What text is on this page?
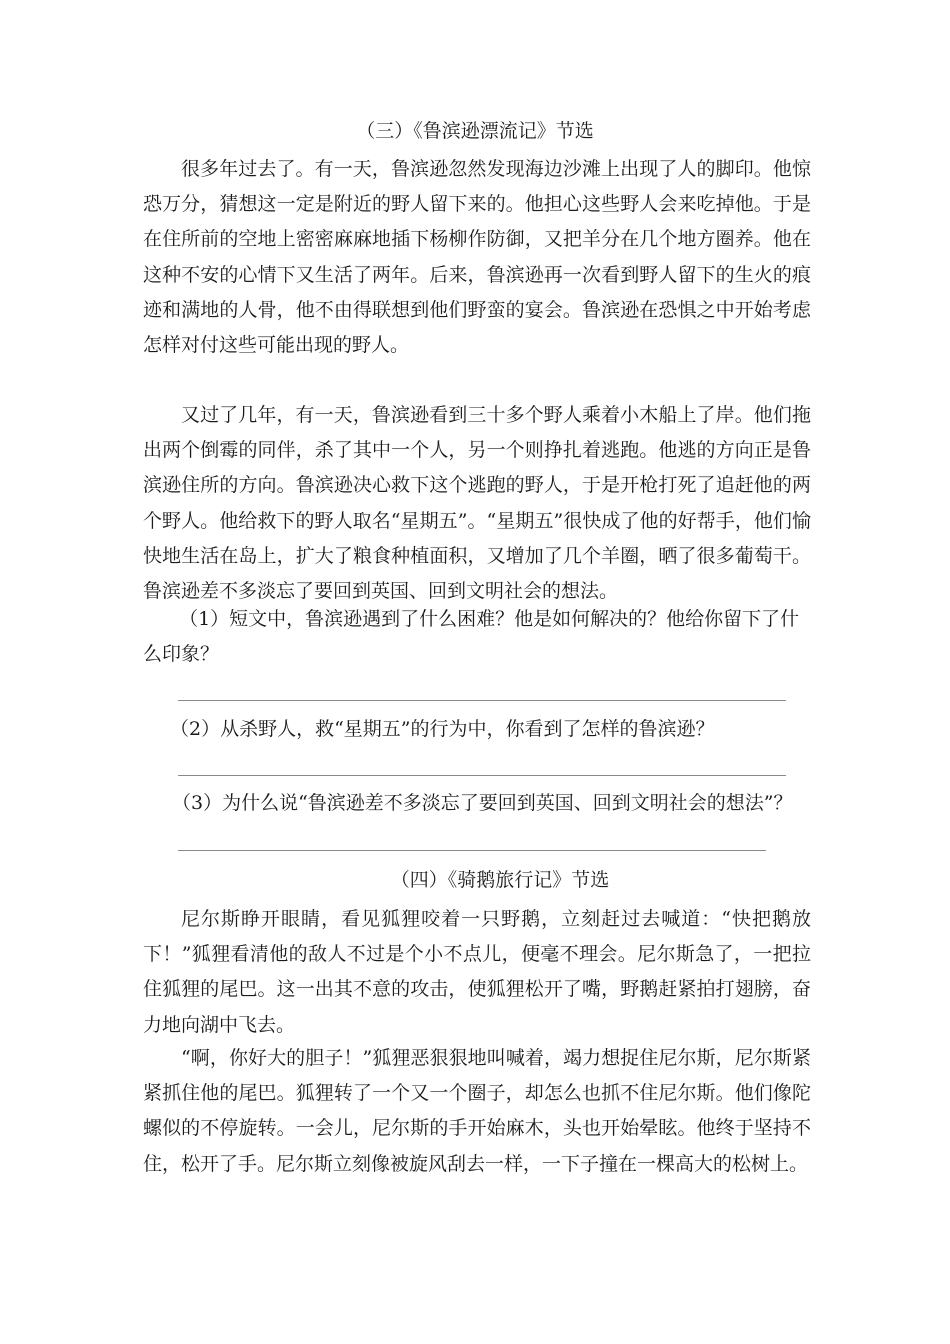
（三）《鲁滨逊漂流记》节选

很多年过去了。有一天，鲁滨逊忽然发现海边沙滩上出现了人的脚印。他惊恐万分，猜想这一定是附近的野人留下来的。他担心这些野人会来吃掉他。于是在住所前的空地上密密麻麻地插下杨柳作防御，又把羊分在几个地方圈养。他在这种不安的心情下又生活了两年。后来，鲁滨逊再一次看到野人留下的生火的痕迹和满地的人骨，他不由得联想到他们野蛮的宴会。鲁滨逊在恐惧之中开始考虑怎样对付这些可能出现的野人。

又过了几年，有一天，鲁滨逊看到三十多个野人乘着小木船上了岸。他们拖出两个倒霉的同伴，杀了其中一个人，另一个则挣扎着逃跑。他逃的方向正是鲁滨逊住所的方向。鲁滨逊决心救下这个逃跑的野人，于是开枪打死了追赶他的两个野人。他给救下的野人取名“星期五”。“星期五”很快成了他的好帮手，他们愉快地生活在岛上，扩大了粮食种植面积，又增加了几个羊圈，晒了很多葡萄干。鲁滨逊差不多淡忘了要回到英国、回到文明社会的想法。

（1）短文中，鲁滨逊遇到了什么困难？他是如何解决的？他给你留下了什么印象？

（2）从杀野人，救“星期五”的行为中，你看到了怎样的鲁滨逊？

（3）为什么说“鲁滨逊差不多淡忘了要回到英国、回到文明社会的想法”？

（四）《骑鹅旅行记》节选

尼尔斯睁开眼睛，看见狐狸咬着一只野鹅，立刻赶过去喊道：“快把鹅放下！”狐狸看清他的敌人不过是个小不点儿，便毫不理会。尼尔斯急了，一把拉住狐狸的尾巴。这一出其不意的攻击，使狐狸松开了嘴，野鹅赶紧拍打翅膀，奋力地向湖中飞去。

“啊，你好大的胆子！”狐狸恶狠狠地叫喊着，竭力想捉住尼尔斯，尼尔斯紧紧抓住他的尾巴。狐狸转了一个又一个圈子，却怎么也抓不住尼尔斯。他们像陀螺似的不停旋转。一会儿，尼尔斯的手开始麻木，头也开始晕眩。他终于坚持不住，松开了手。尼尔斯立刻像被旋风刮去一样，一下子撞在一棵高大的松树上。
